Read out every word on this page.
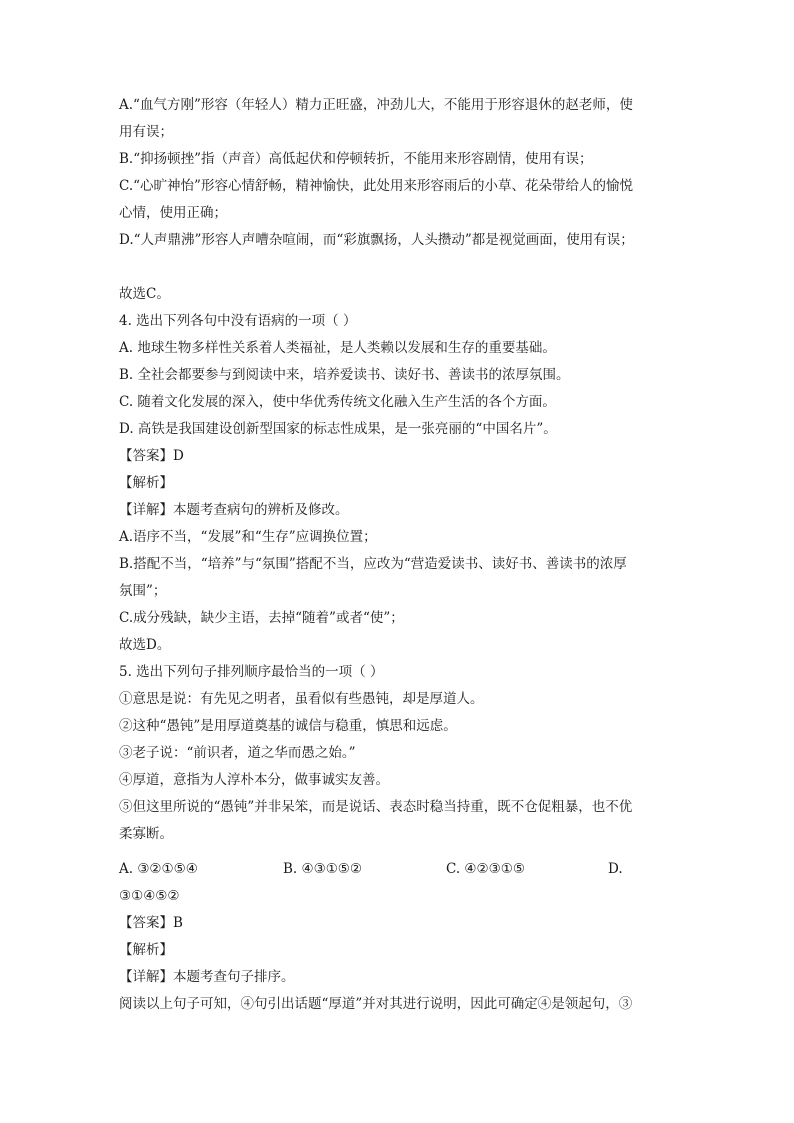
A.“血气方刚”形容（年轻人）精力正旺盛，冲劲儿大，不能用于形容退休的赵老师，使
用有误；
B.“抑扬顿挫”指（声音）高低起伏和停顿转折，不能用来形容剧情，使用有误；
C.“心旷神怡”形容心情舒畅，精神愉快，此处用来形容雨后的小草、花朵带给人的愉悦
心情，使用正确；
D.“人声鼎沸”形容人声嘈杂喧闹，而“彩旗飘扬，人头攒动”都是视觉画面，使用有误；
故选C。
4. 选出下列各句中没有语病的一项（ ）
A. 地球生物多样性关系着人类福祉，是人类赖以发展和生存的重要基础。
B. 全社会都要参与到阅读中来，培养爱读书、读好书、善读书的浓厚氛围。
C. 随着文化发展的深入，使中华优秀传统文化融入生产生活的各个方面。
D. 高铁是我国建设创新型国家的标志性成果，是一张亮丽的“中国名片”。
【答案】D
【解析】
【详解】本题考查病句的辨析及修改。
A.语序不当，“发展”和“生存”应调换位置；
B.搭配不当，“培养”与“氛围”搭配不当，应改为“营造爱读书、读好书、善读书的浓厚
氛围”；
C.成分残缺，缺少主语，去掉“随着”或者“使”；
故选D。
5. 选出下列句子排列顺序最恰当的一项（ ）
①意思是说：有先见之明者，虽看似有些愚钝，却是厚道人。
②这种“愚钝”是用厚道奠基的诚信与稳重，慎思和远虑。
③老子说：“前识者，道之华而愚之始。”
④厚道，意指为人淳朴本分，做事诚实友善。
⑤但这里所说的“愚钝”并非呆笨，而是说话、表态时稳当持重，既不仓促粗暴，也不优
柔寡断。
A. ③②①⑤④	B. ④③①⑤②	C. ④②③①⑤	D.
③①④⑤②
【答案】B
【解析】
【详解】本题考查句子排序。
阅读以上句子可知，④句引出话题“厚道”并对其进行说明，因此可确定④是领起句，③
